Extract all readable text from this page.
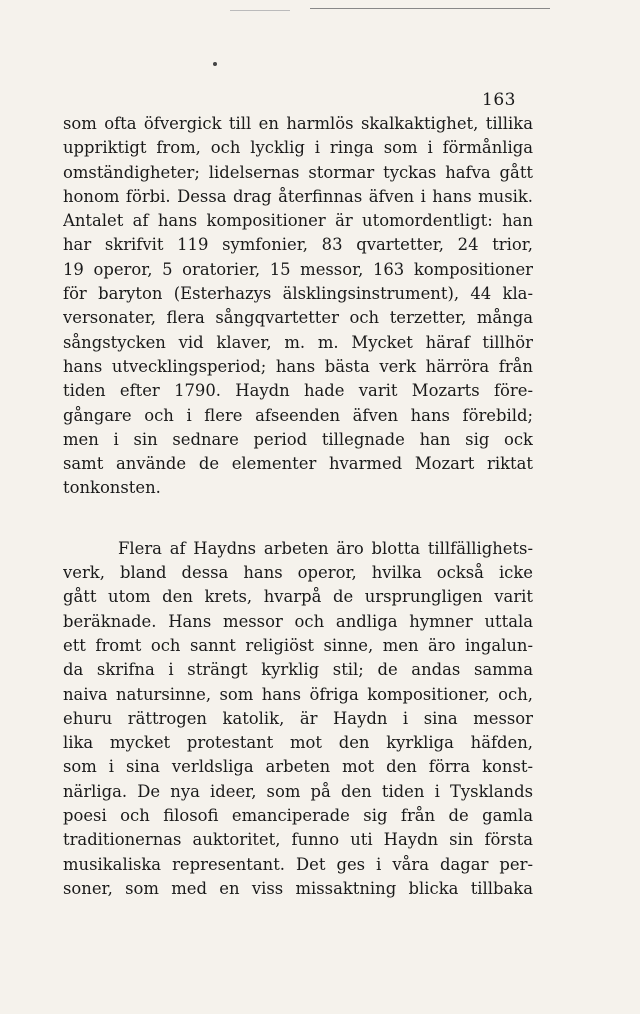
163
som ofta öfvergick till en harmlös skalkaktighet, tillika
uppriktigt from, och lycklig i ringa som i förmånliga
omständigheter; lidelsernas stormar tyckas hafva gått
honom förbi. Dessa drag återfinnas äfven i hans musik.
Antalet af hans kompositioner är utomordentligt: han
har skrifvit 119 symfonier, 83 qvartetter, 24 trior,
19 operor, 5 oratorier, 15 messor, 163 kompositioner
för baryton (Esterhazys älsklingsinstrument), 44 kla-
versonater, flera sångqvartetter och terzetter, många
sångstycken vid klaver, m. m. Mycket häraf tillhör
hans utvecklingsperiod; hans bästa verk härröra från
tiden efter 1790. Haydn hade varit Mozarts före-
gångare och i flere afseenden äfven hans förebild;
men i sin sednare period tillegnade han sig ock
samt använde de elementer hvarmed Mozart riktat
tonkonsten.
Flera af Haydns arbeten äro blotta tillfällighets-
verk, bland dessa hans operor, hvilka också icke
gått utom den krets, hvarpå de ursprungligen varit
beräknade. Hans messor och andliga hymner uttala
ett fromt och sannt religiöst sinne, men äro ingalun-
da skrifna i strängt kyrklig stil; de andas samma
naiva natursinne, som hans öfriga kompositioner, och,
ehuru rättrogen katolik, är Haydn i sina messor
lika mycket protestant mot den kyrkliga häfden,
som i sina verldsliga arbeten mot den förra konst-
närliga. De nya ideer, som på den tiden i Tysklands
poesi och filosofi emanciperade sig från de gamla
traditionernas auktoritet, funno uti Haydn sin första
musikaliska representant. Det ges i våra dagar per-
soner, som med en viss missaktning blicka tillbaka
